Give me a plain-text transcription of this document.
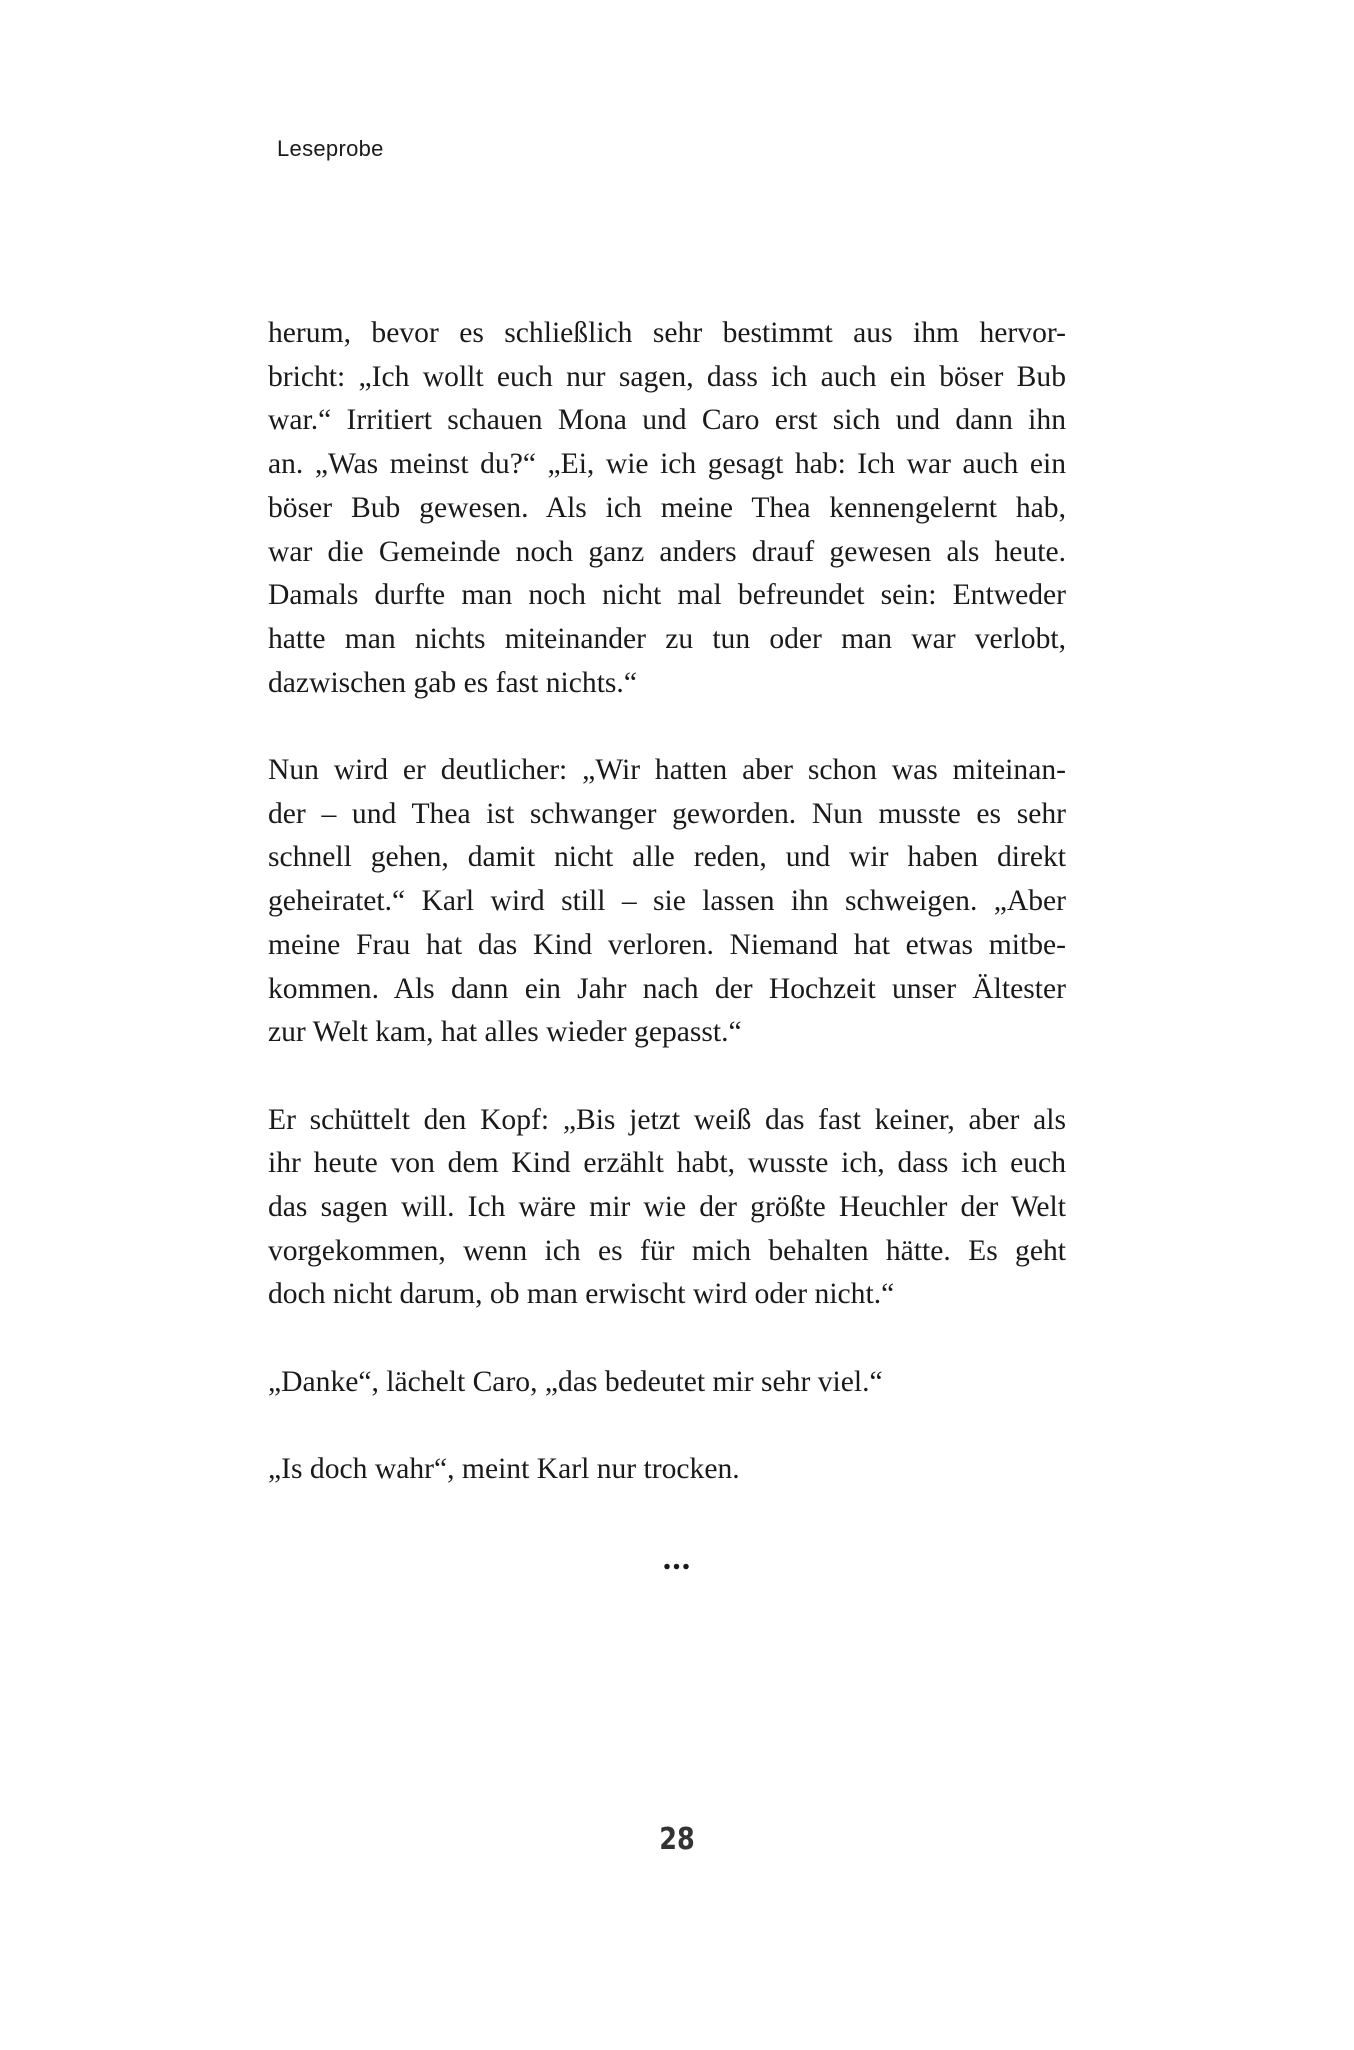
Leseprobe
herum, bevor es schließlich sehr bestimmt aus ihm hervor-
bricht: „Ich wollt euch nur sagen, dass ich auch ein böser Bub
war.“ Irritiert schauen Mona und Caro erst sich und dann ihn
an. „Was meinst du?“ „Ei, wie ich gesagt hab: Ich war auch ein
böser Bub gewesen. Als ich meine Thea kennengelernt hab,
war die Gemeinde noch ganz anders drauf gewesen als heute.
Damals durfte man noch nicht mal befreundet sein: Entweder
hatte man nichts miteinander zu tun oder man war verlobt,
dazwischen gab es fast nichts.“
Nun wird er deutlicher: „Wir hatten aber schon was miteinan-
der – und Thea ist schwanger geworden. Nun musste es sehr
schnell gehen, damit nicht alle reden, und wir haben direkt
geheiratet.“ Karl wird still – sie lassen ihn schweigen. „Aber
meine Frau hat das Kind verloren. Niemand hat etwas mitbe-
kommen. Als dann ein Jahr nach der Hochzeit unser Ältester
zur Welt kam, hat alles wieder gepasst.“
Er schüttelt den Kopf: „Bis jetzt weiß das fast keiner, aber als
ihr heute von dem Kind erzählt habt, wusste ich, dass ich euch
das sagen will. Ich wäre mir wie der größte Heuchler der Welt
vorgekommen, wenn ich es für mich behalten hätte. Es geht
doch nicht darum, ob man erwischt wird oder nicht.“
„Danke“, lächelt Caro, „das bedeutet mir sehr viel.“
„Is doch wahr“, meint Karl nur trocken.
...
28
